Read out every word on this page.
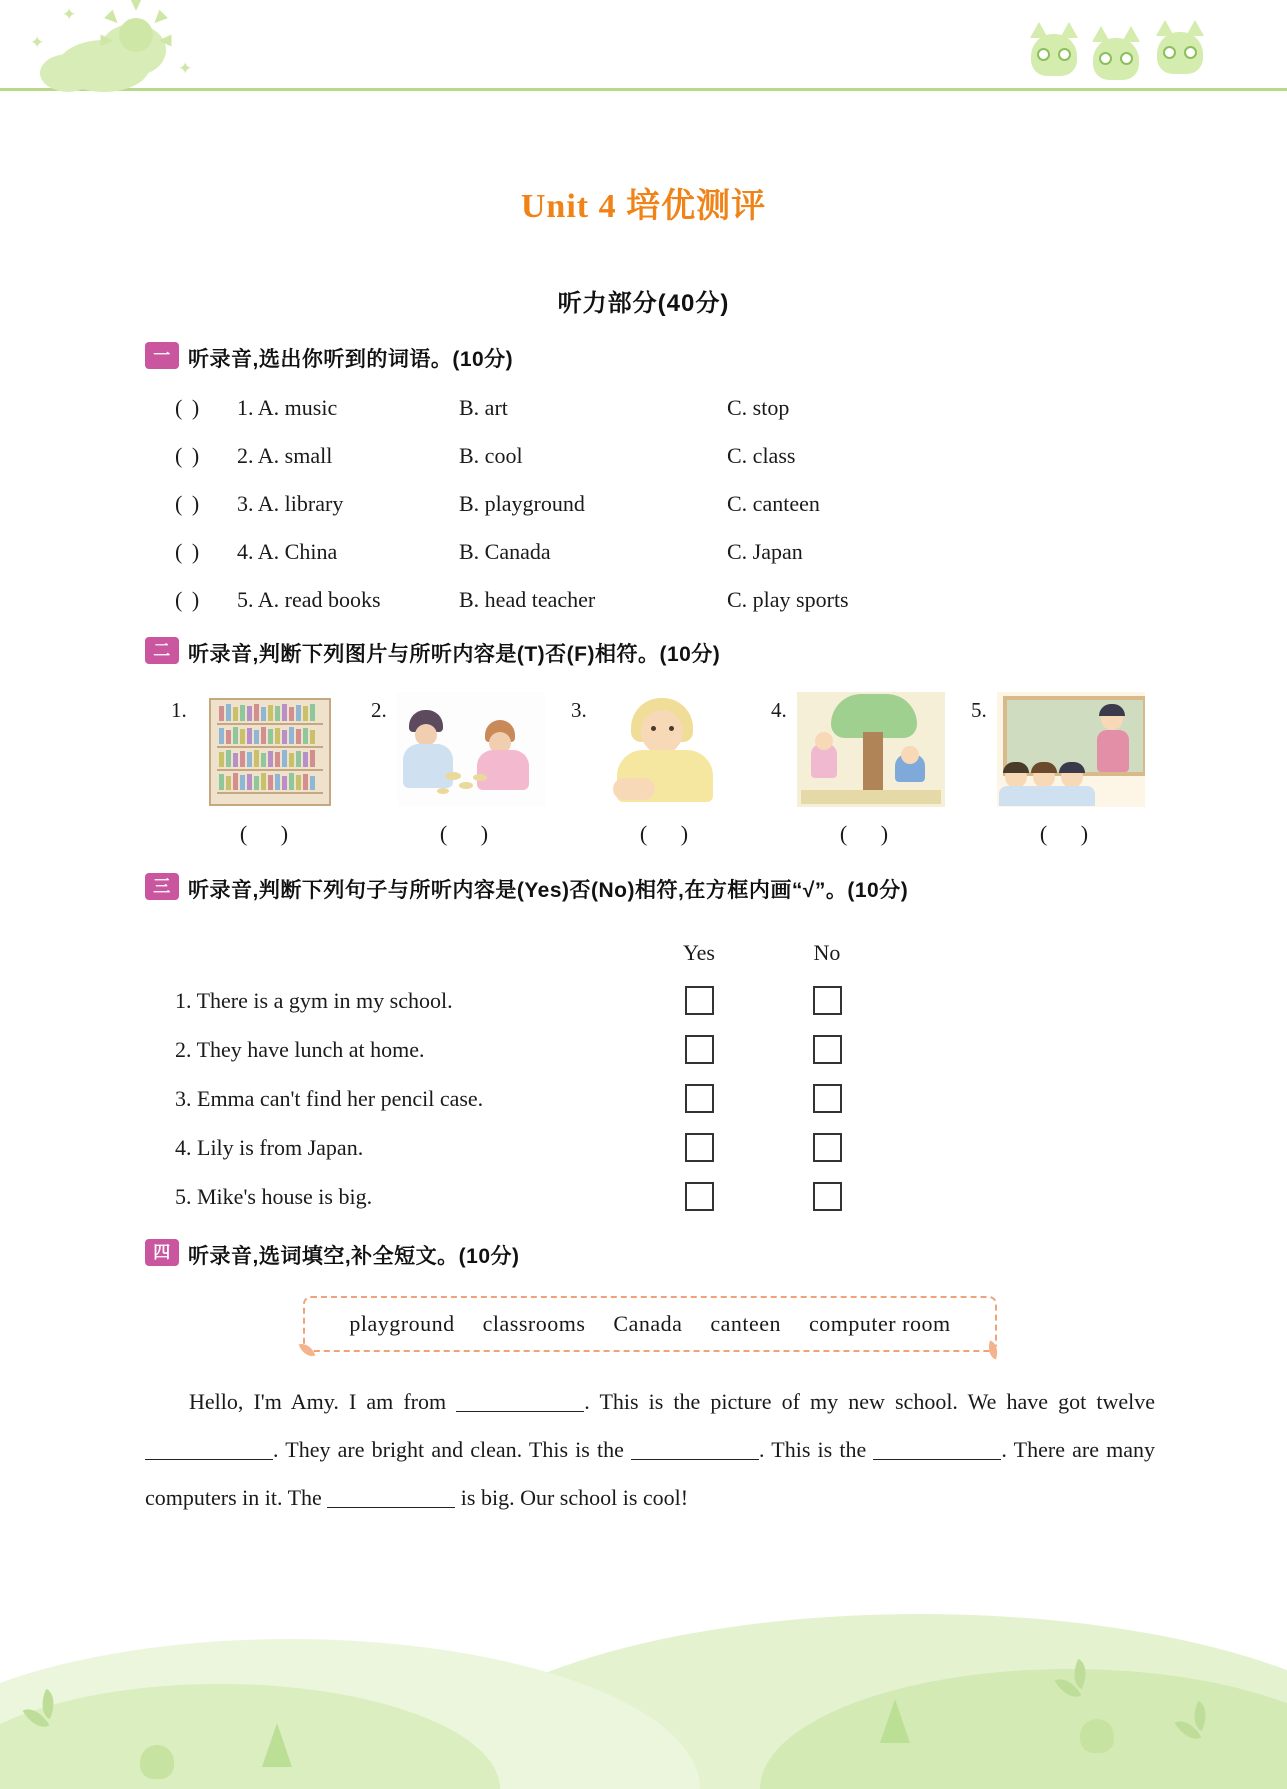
✦
✦
✦
Unit 4 培优测评
听力部分(40分)
一 听录音,选出你听到的词语。(10分)
( )	1. A. music	B. art	C. stop
( )	2. A. small	B. cool	C. class
( )	3. A. library	B. playground	C. canteen
( )	4. A. China	B. Canada	C. Japan
( )	5. A. read books	B. head teacher	C. play sports
二 听录音,判断下列图片与所听内容是(T)否(F)相符。(10分)
1.
( )
2.
( )
3.
( )
4.
( )
5.
( )
三 听录音,判断下列句子与所听内容是(Yes)否(No)相符,在方框内画“√”。(10分)
Yes	No
1. There is a gym in my school.
2. They have lunch at home.
3. Emma can't find her pencil case.
4. Lily is from Japan.
5. Mike's house is big.
四 听录音,选词填空,补全短文。(10分)
playground classrooms Canada canteen computer room
Hello, I'm Amy. I am from	. This is the picture of my new school. We have got twelve . They are bright and clean. This is the	. This is the	. There are many computers in it. The	is big. Our school is cool!
